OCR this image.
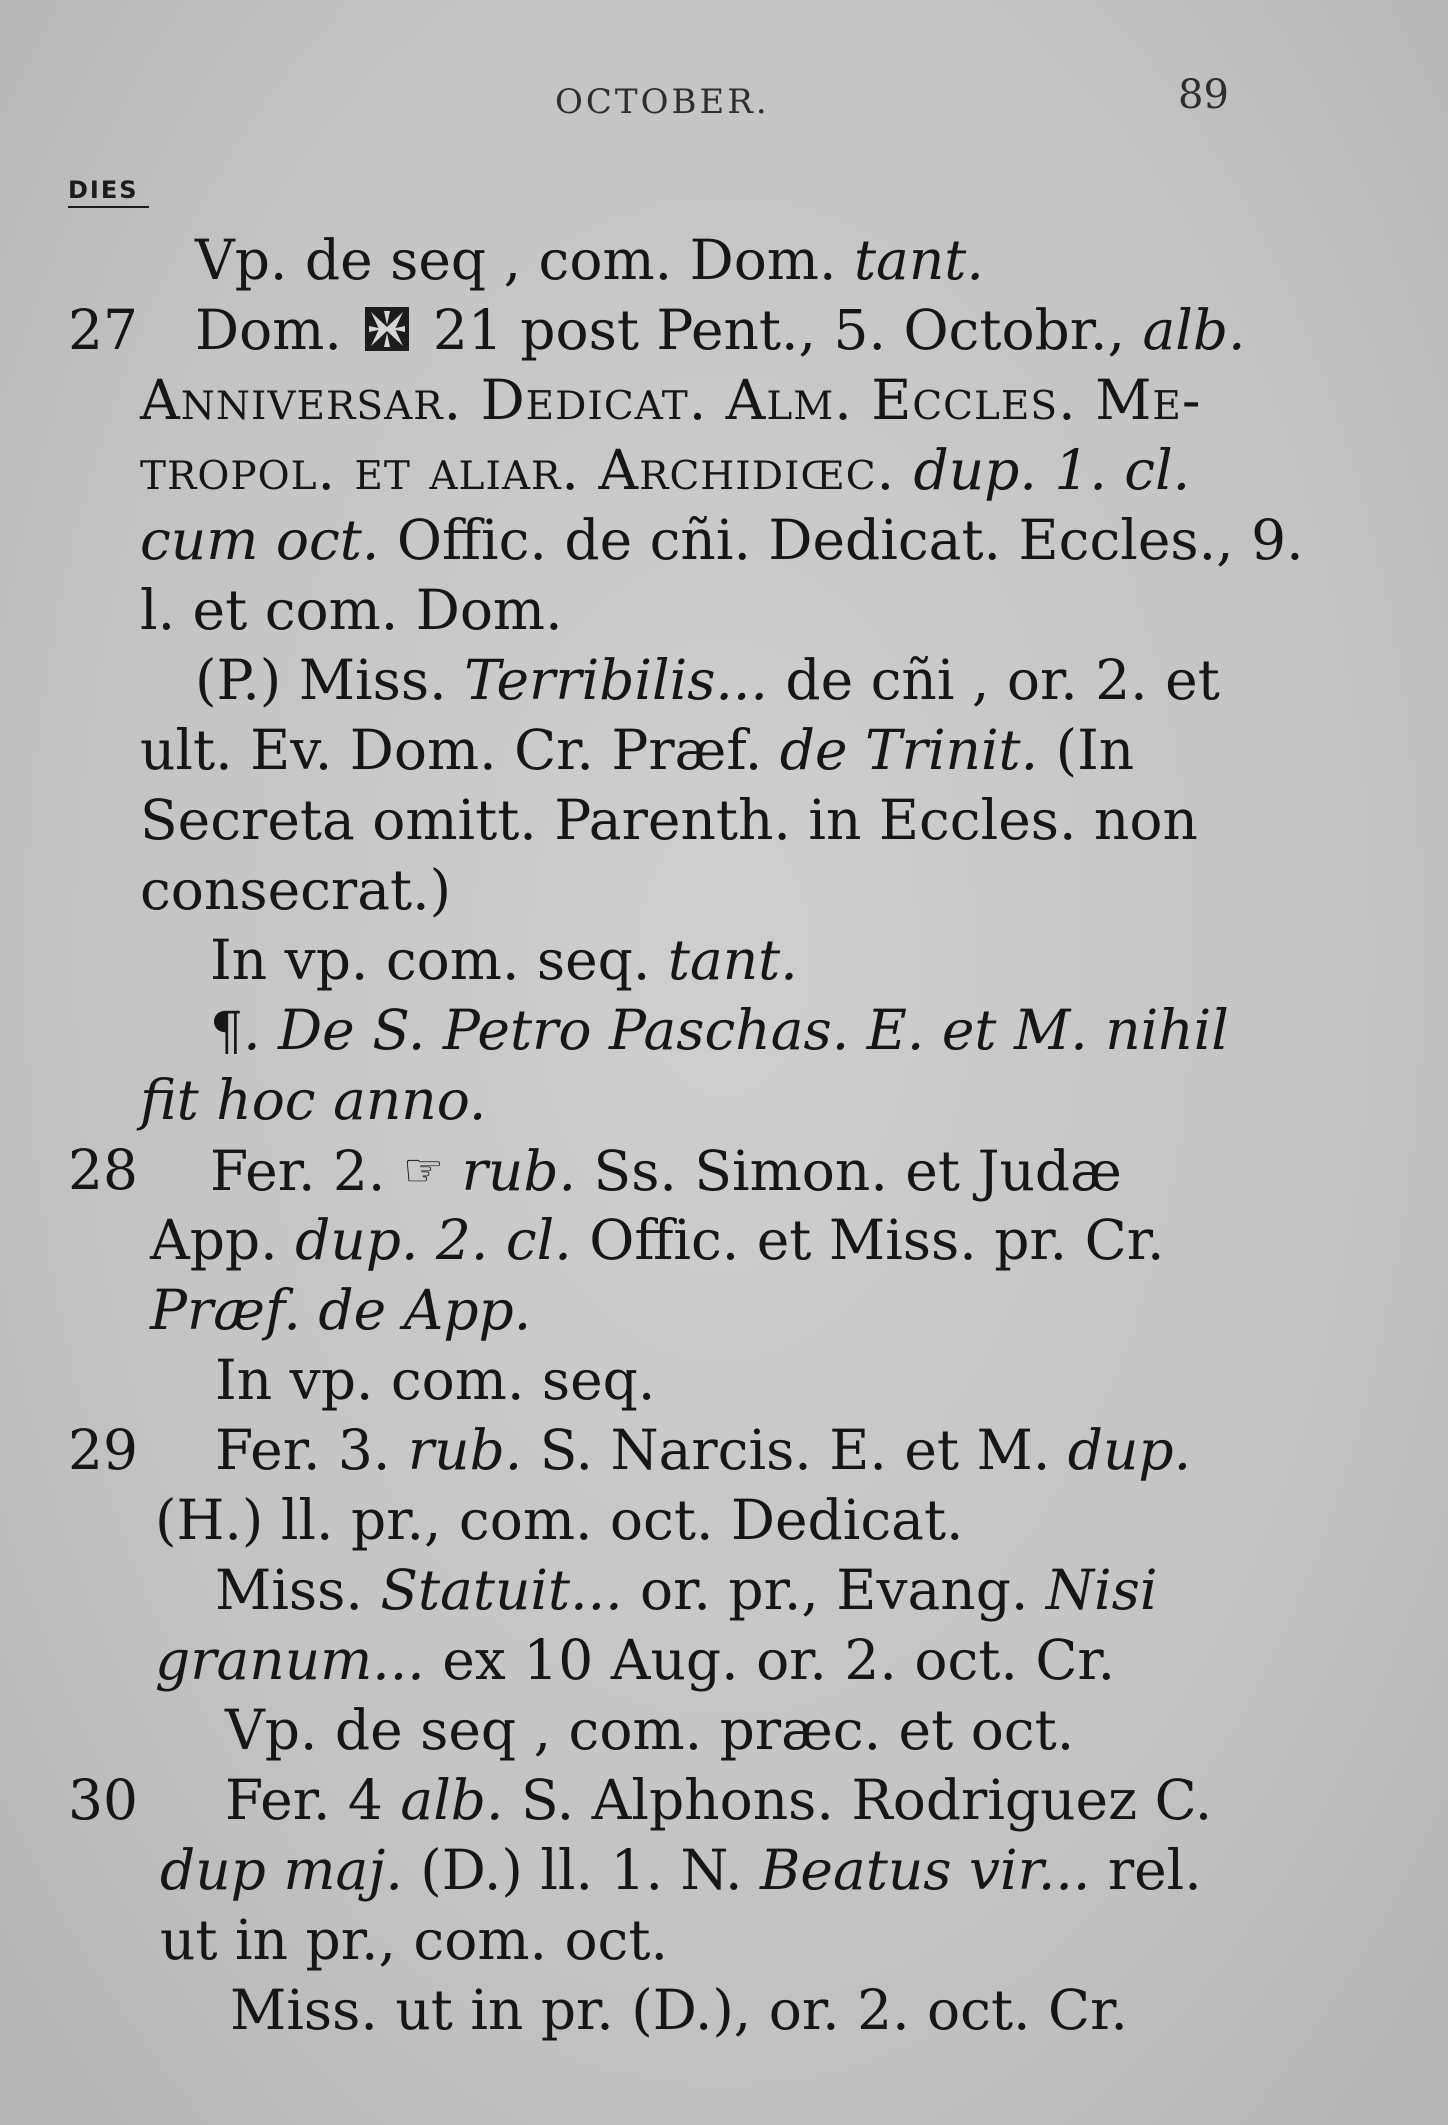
OCTOBER.	89
DIES
Vp. de seq , com. Dom. tant.
27 Dom.
21 post Pent., 5. Octobr., alb.
Anniversar. Dedicat. Alm. Eccles. Me-
tropol. et aliar. Archidiœc. dup. 1. cl.
cum oct. Offic. de cñi. Dedicat. Eccles., 9.
l. et com. Dom.
(P.) Miss. Terribilis... de cñi , or. 2. et
ult. Ev. Dom. Cr. Præf. de Trinit. (In
Secreta omitt. Parenth. in Eccles. non
consecrat.)
In vp. com. seq. tant.
¶. De S. Petro Paschas. E. et M. nihil
fit hoc anno.
28 Fer. 2. ☞ rub. Ss. Simon. et Judæ
App. dup. 2. cl. Offic. et Miss. pr. Cr.
Præf. de App.
In vp. com. seq.
29 Fer. 3. rub. S. Narcis. E. et M. dup.
(H.) ll. pr., com. oct. Dedicat.
Miss. Statuit... or. pr., Evang. Nisi
granum... ex 10 Aug. or. 2. oct. Cr.
Vp. de seq , com. præc. et oct.
30 Fer. 4 alb. S. Alphons. Rodriguez C.
dup maj. (D.) ll. 1. N. Beatus vir... rel.
ut in pr., com. oct.
Miss. ut in pr. (D.), or. 2. oct. Cr.
